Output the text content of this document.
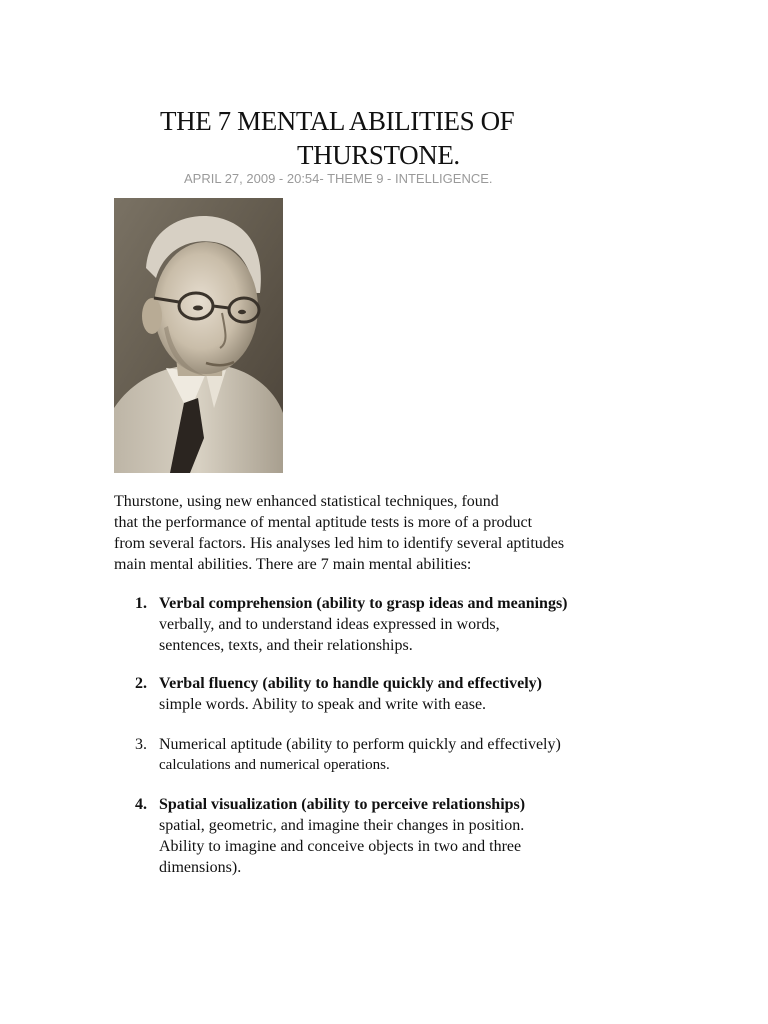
THE 7 MENTAL ABILITIES OF
THURSTONE.
APRIL 27, 2009 - 20:54- THEME 9 - INTELLIGENCE.
Thurstone, using new enhanced statistical techniques, found
that the performance of mental aptitude tests is more of a product
from several factors. His analyses led him to identify several aptitudes
main mental abilities. There are 7 main mental abilities:
1. Verbal comprehension (ability to grasp ideas and meanings)
verbally, and to understand ideas expressed in words,
sentences, texts, and their relationships.
2. Verbal fluency (ability to handle quickly and effectively)
simple words. Ability to speak and write with ease.
3. Numerical aptitude (ability to perform quickly and effectively)
calculations and numerical operations.
4. Spatial visualization (ability to perceive relationships)
spatial, geometric, and imagine their changes in position.
Ability to imagine and conceive objects in two and three
dimensions).
